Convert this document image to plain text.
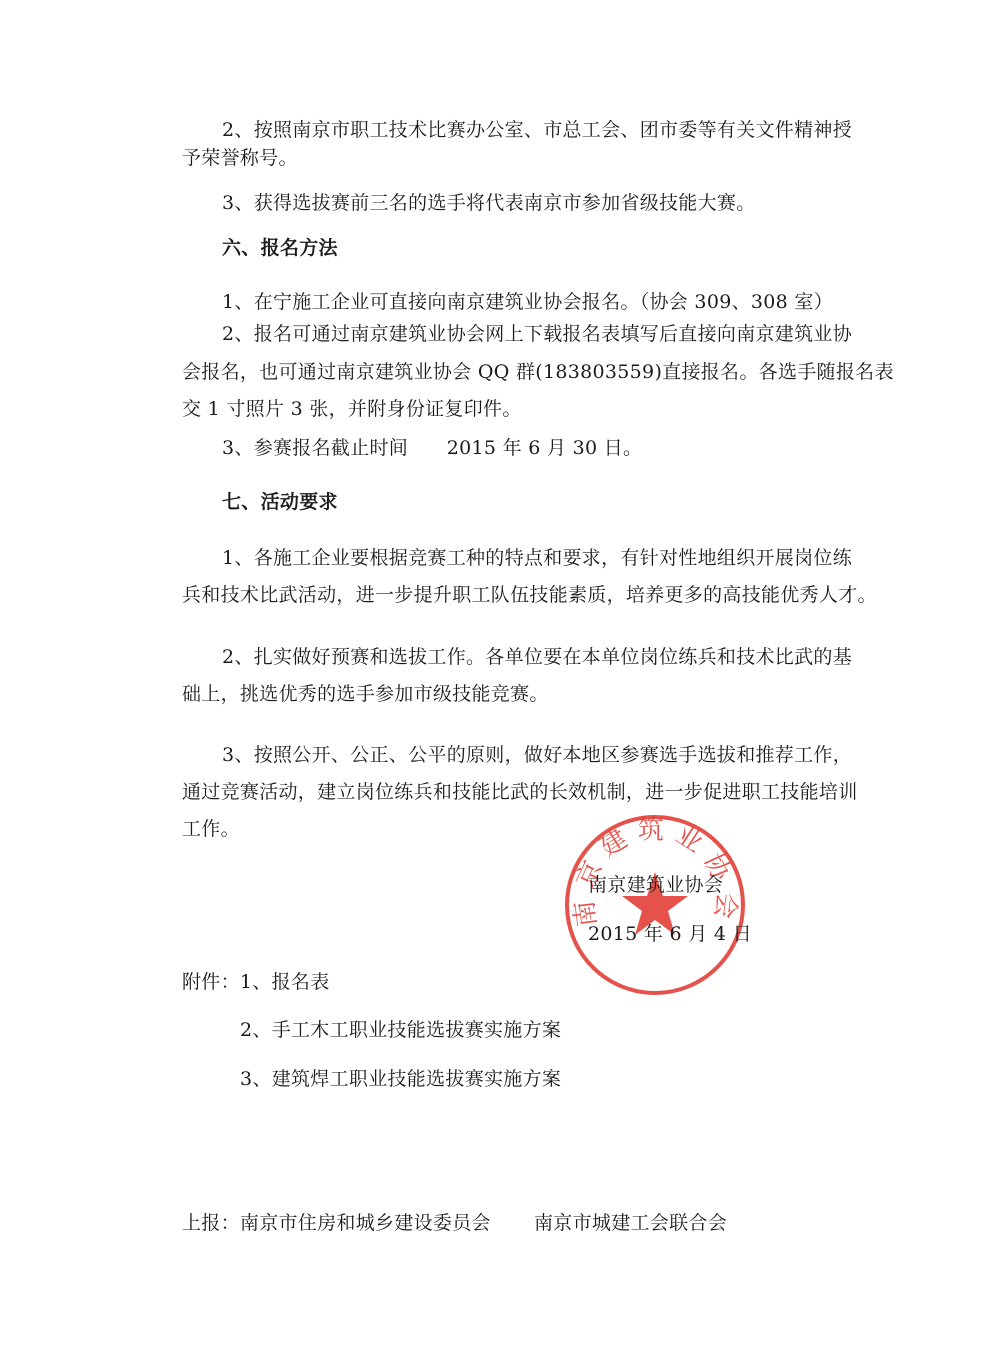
2、按照南京市职工技术比赛办公室、市总工会、团市委等有关文件精神授
予荣誉称号。
3、获得选拔赛前三名的选手将代表南京市参加省级技能大赛。
六、报名方法
1、在宁施工企业可直接向南京建筑业协会报名。（协会 309、308 室）
2、报名可通过南京建筑业协会网上下载报名表填写后直接向南京建筑业协
会报名，也可通过南京建筑业协会 QQ 群(183803559)直接报名。各选手随报名表
交 1 寸照片 3 张，并附身份证复印件。
3、参赛报名截止时间　　2015 年 6 月 30 日。
七、活动要求
1、各施工企业要根据竞赛工种的特点和要求，有针对性地组织开展岗位练
兵和技术比武活动，进一步提升职工队伍技能素质，培养更多的高技能优秀人才。
2、扎实做好预赛和选拔工作。各单位要在本单位岗位练兵和技术比武的基
础上，挑选优秀的选手参加市级技能竞赛。
3、按照公开、公正、公平的原则，做好本地区参赛选手选拔和推荐工作，
通过竞赛活动，建立岗位练兵和技能比武的长效机制，进一步促进职工技能培训
工作。
南京建筑业协会
南京建筑业协会
2015 年 6 月 4 日
附件：1、报名表
2、手工木工职业技能选拔赛实施方案
3、建筑焊工职业技能选拔赛实施方案
上报：南京市住房和城乡建设委员会 南京市城建工会联合会
